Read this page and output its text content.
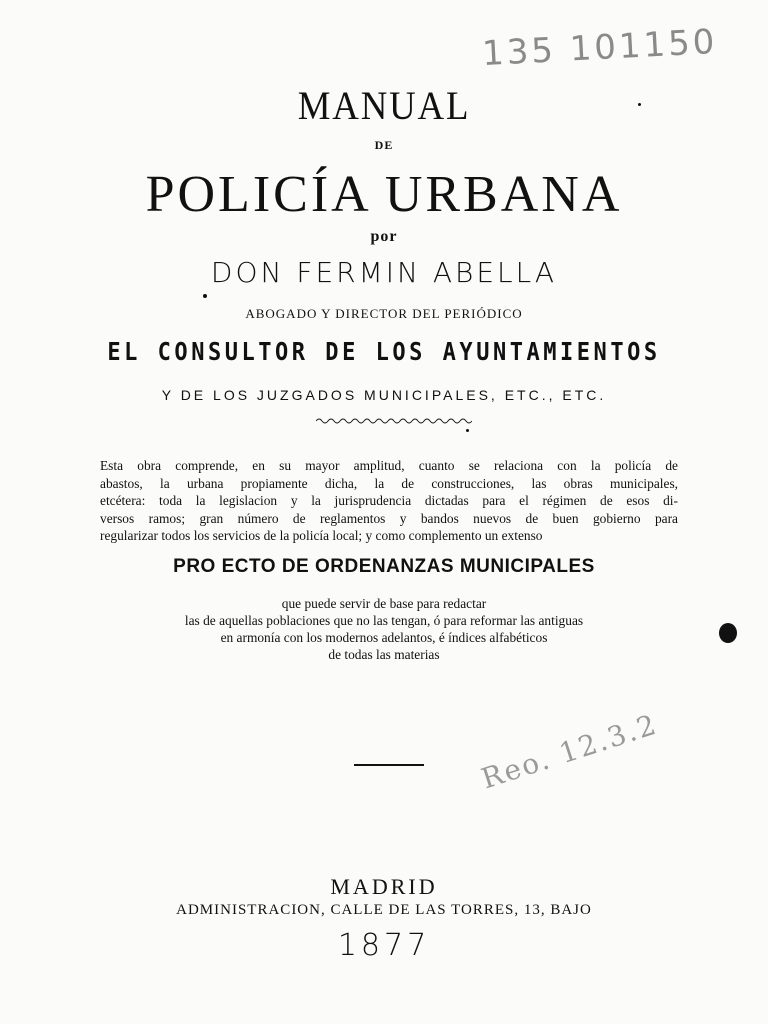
135 101150
MANUAL
DE
POLICÍA URBANA
por
DON FERMIN ABELLA
ABOGADO Y DIRECTOR DEL PERIÓDICO
EL CONSULTOR DE LOS AYUNTAMIENTOS
Y DE LOS JUZGADOS MUNICIPALES, ETC., ETC.
Esta obra comprende, en su mayor amplitud, cuanto se relaciona con la policía de
abastos, la urbana propiamente dicha, la de construcciones, las obras municipales,
etcétera: toda la legislacion y la jurisprudencia dictadas para el régimen de esos di-
versos ramos; gran número de reglamentos y bandos nuevos de buen gobierno para
regularizar todos los servicios de la policía local; y como complemento un extenso
PRO ECTO DE ORDENANZAS MUNICIPALES
que puede servir de base para redactar
las de aquellas poblaciones que no las tengan, ó para reformar las antiguas
en armonía con los modernos adelantos, é índices alfabéticos
de todas las materias
Reo. 12.3.2
MADRID
ADMINISTRACION, CALLE DE LAS TORRES, 13, BAJO
1877
